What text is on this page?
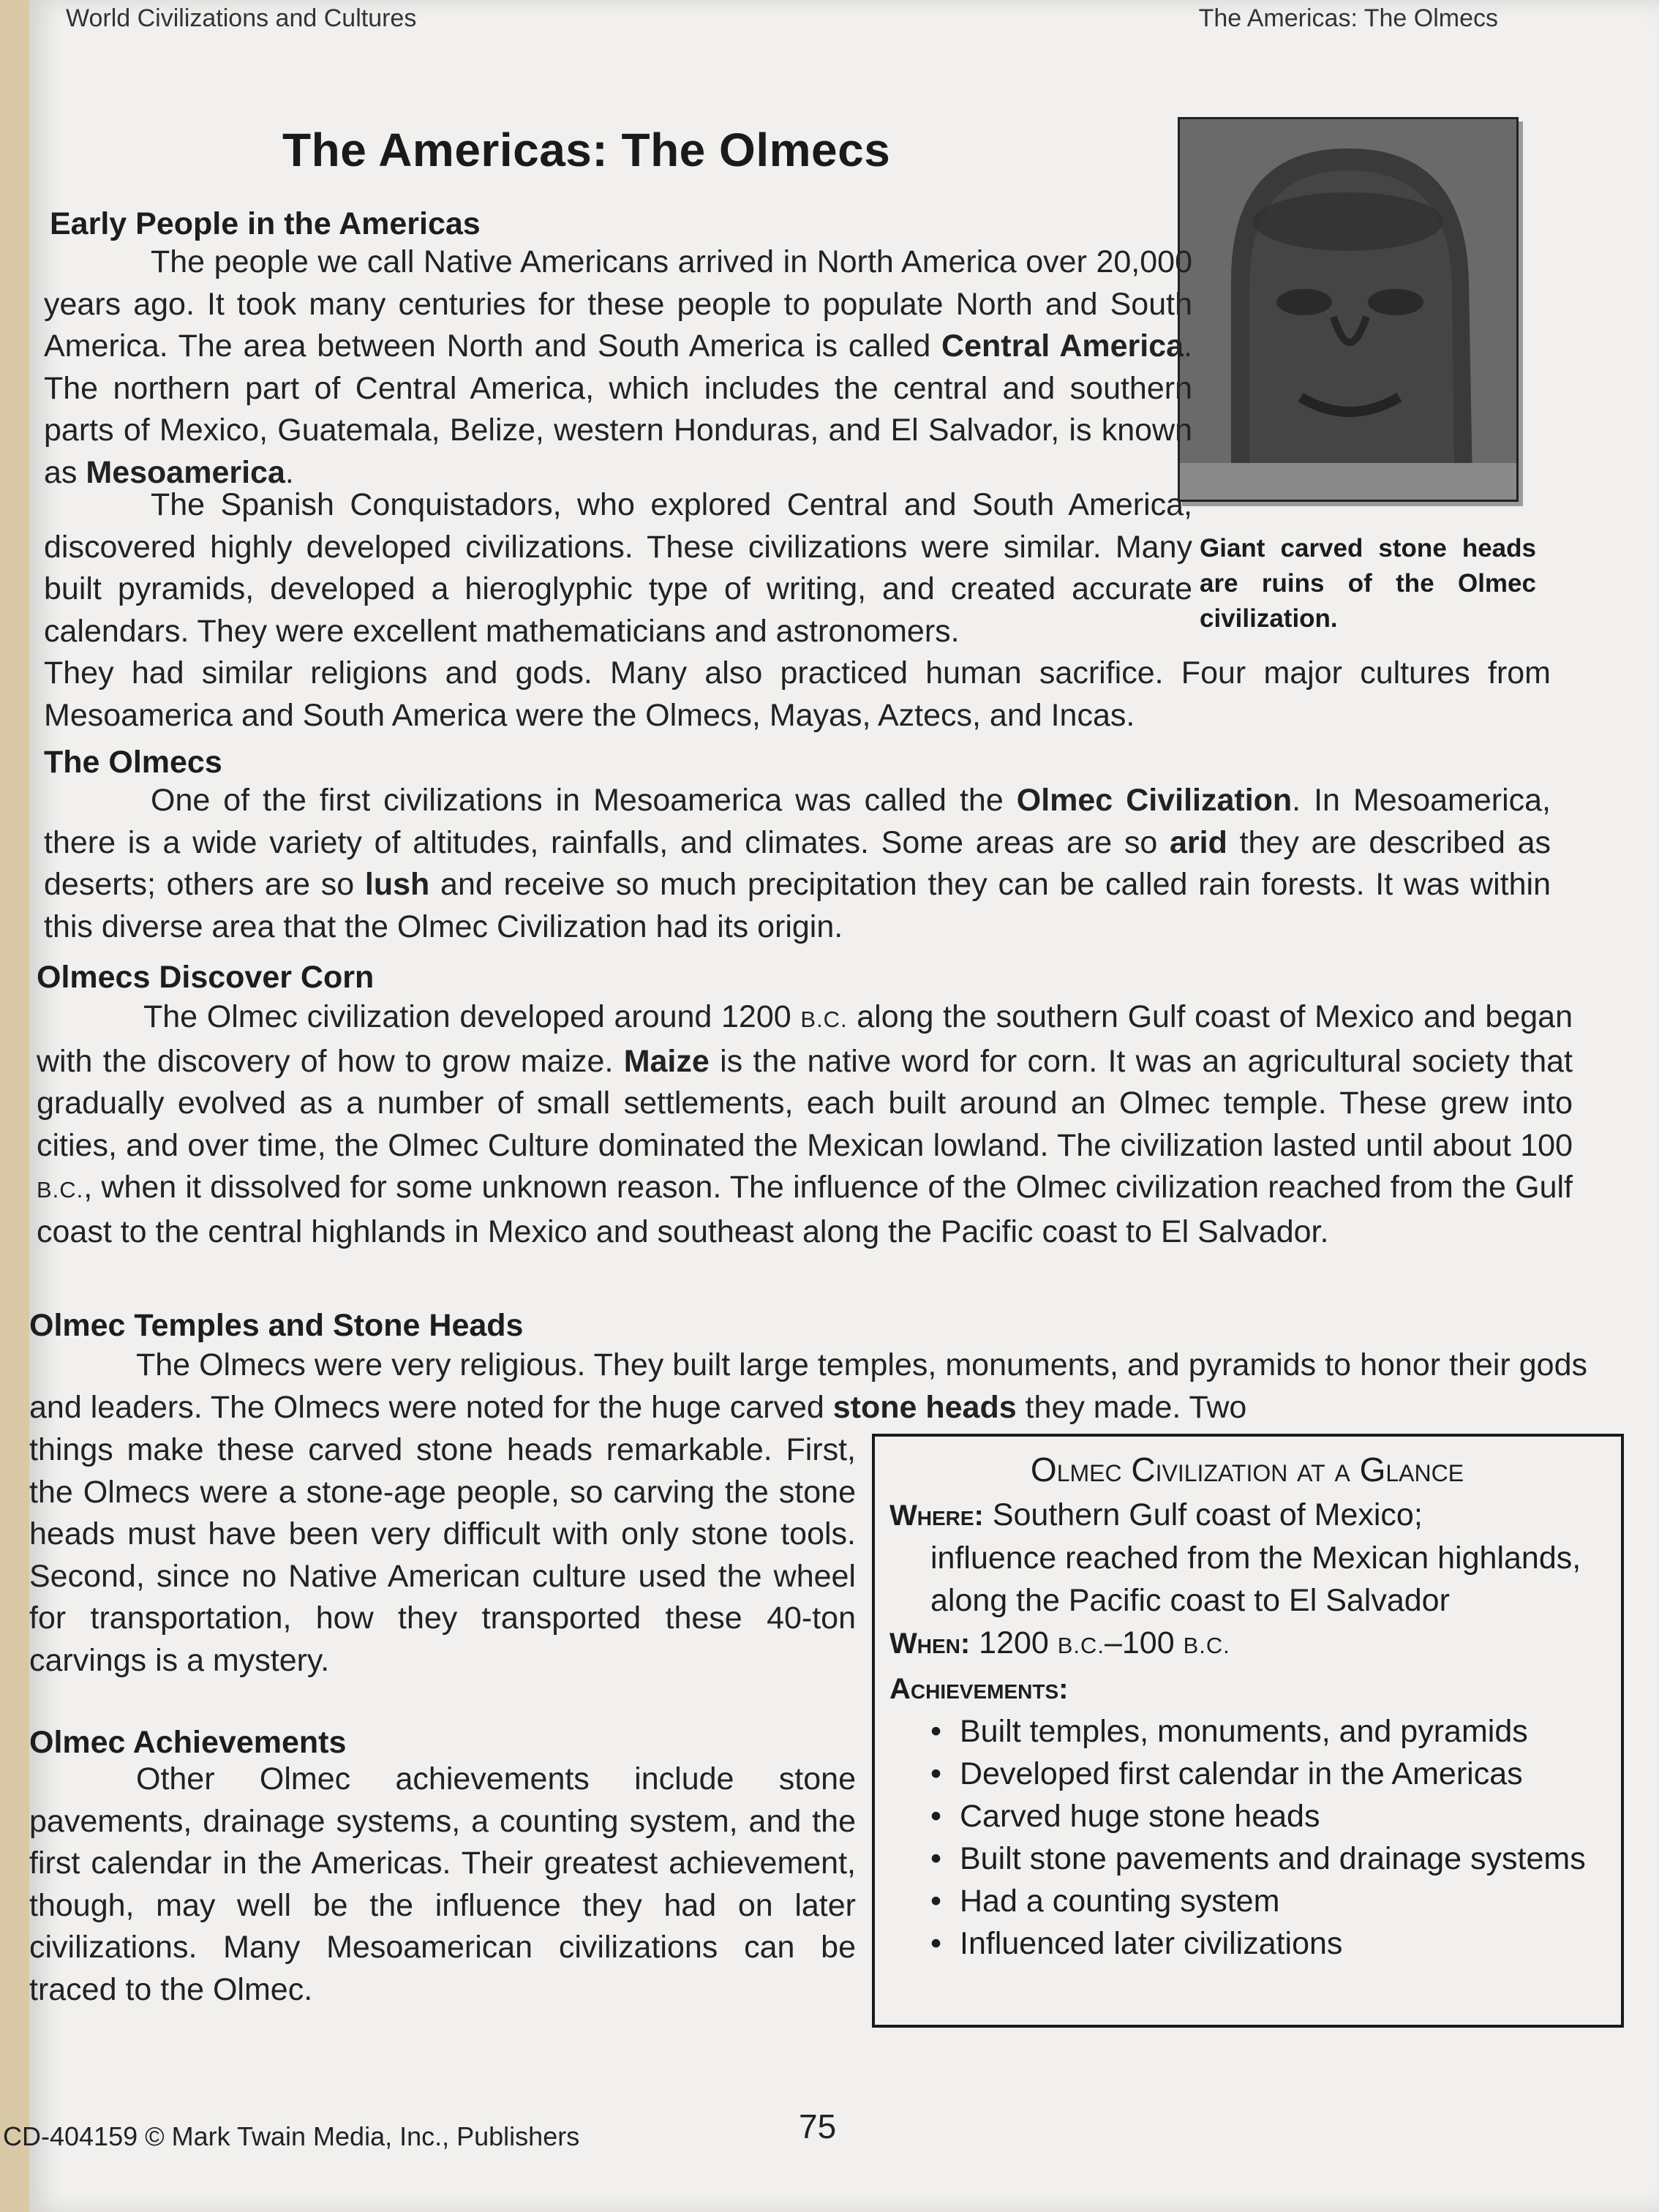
World Civilizations and Cultures	The Americas: The Olmecs
The Americas: The Olmecs

Giant carved stone heads are ruins of the Olmec civilization.

Early People in the Americas

The people we call Native Americans arrived in North America over 20,000 years ago. It took many centuries for these people to populate North and South America. The area between North and South America is called Central America. The northern part of Central America, which includes the central and southern parts of Mexico, Guatemala, Belize, western Honduras, and El Salvador, is known as Mesoamerica.

The Spanish Conquistadors, who explored Central and South America, discovered highly developed civilizations. These civilizations were similar. Many built pyramids, developed a hieroglyphic type of writing, and created accurate calendars. They were excellent mathematicians and astronomers.

They had similar religions and gods. Many also practiced human sacrifice. Four major cultures from Mesoamerica and South America were the Olmecs, Mayas, Aztecs, and Incas.

The Olmecs

One of the first civilizations in Mesoamerica was called the Olmec Civilization. In Mesoamerica, there is a wide variety of altitudes, rainfalls, and climates. Some areas are so arid they are described as deserts; others are so lush and receive so much precipitation they can be called rain forests. It was within this diverse area that the Olmec Civilization had its origin.

Olmecs Discover Corn

The Olmec civilization developed around 1200 B.C. along the southern Gulf coast of Mexico and began with the discovery of how to grow maize. Maize is the native word for corn. It was an agricultural society that gradually evolved as a number of small settlements, each built around an Olmec temple. These grew into cities, and over time, the Olmec Culture dominated the Mexican lowland. The civilization lasted until about 100 B.C., when it dissolved for some unknown reason. The influence of the Olmec civilization reached from the Gulf coast to the central highlands in Mexico and southeast along the Pacific coast to El Salvador.

Olmec Temples and Stone Heads

The Olmecs were very religious. They built large temples, monuments, and pyramids to honor their gods and leaders. The Olmecs were noted for the huge carved stone heads they made. Two

things make these carved stone heads remarkable. First, the Olmecs were a stone-age people, so carving the stone heads must have been very difficult with only stone tools. Second, since no Native American culture used the wheel for transportation, how they transported these 40-ton carvings is a mystery.

Olmec Achievements

Other Olmec achievements include stone pavements, drainage systems, a counting system, and the first calendar in the Americas. Their greatest achievement, though, may well be the influence they had on later civilizations. Many Mesoamerican civilizations can be traced to the Olmec.

Olmec Civilization at a Glance

Where: Southern Gulf coast of Mexico;

influence reached from the Mexican highlands, along the Pacific coast to El Salvador

When: 1200 B.C.–100 B.C.

Achievements:

• Built temples, monuments, and pyramids
• Developed first calendar in the Americas
• Carved huge stone heads
• Built stone pavements and drainage systems
• Had a counting system
• Influenced later civilizations
CD-404159 © Mark Twain Media, Inc., Publishers	75
